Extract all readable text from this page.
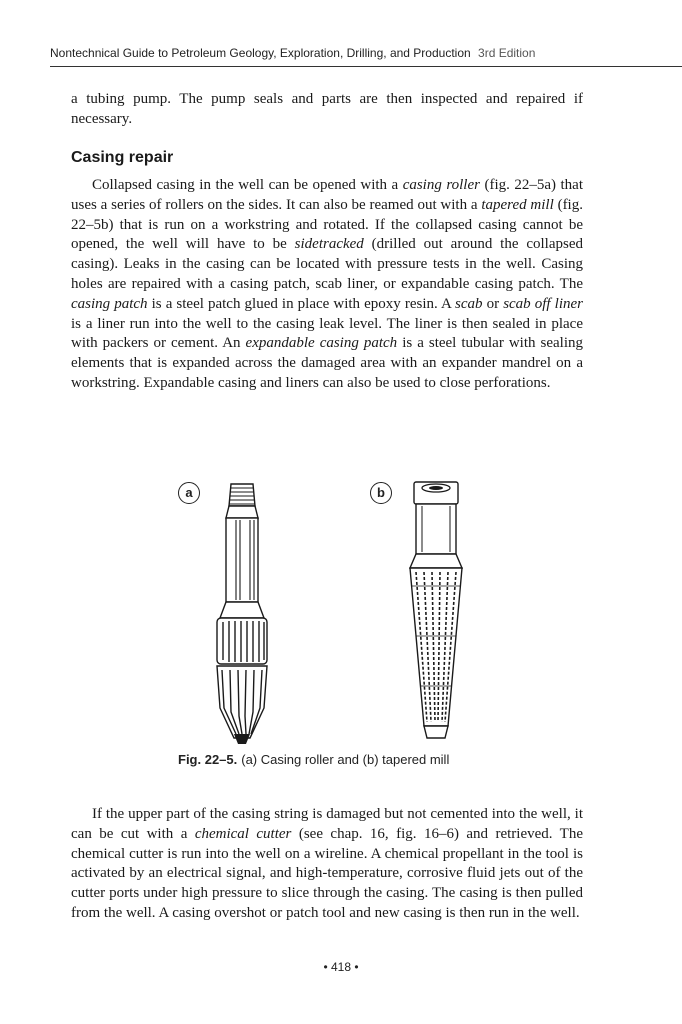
Nontechnical Guide to Petroleum Geology, Exploration, Drilling, and Production 3rd Edition
a tubing pump. The pump seals and parts are then inspected and repaired if necessary.
Casing repair
Collapsed casing in the well can be opened with a casing roller (fig. 22–5a) that uses a series of rollers on the sides. It can also be reamed out with a tapered mill (fig. 22–5b) that is run on a workstring and rotated. If the collapsed casing cannot be opened, the well will have to be sidetracked (drilled out around the collapsed casing). Leaks in the casing can be located with pressure tests in the well. Casing holes are repaired with a casing patch, scab liner, or expandable casing patch. The casing patch is a steel patch glued in place with epoxy resin. A scab or scab off liner is a liner run into the well to the casing leak level. The liner is then sealed in place with packers or cement. An expandable casing patch is a steel tubular with sealing elements that is expanded across the damaged area with an expander mandrel on a workstring. Expandable casing and liners can also be used to close perforations.
a	b
Fig. 22–5. (a) Casing roller and (b) tapered mill
If the upper part of the casing string is damaged but not cemented into the well, it can be cut with a chemical cutter (see chap. 16, fig. 16–6) and retrieved. The chemical cutter is run into the well on a wireline. A chemical propellant in the tool is activated by an electrical signal, and high-temperature, corrosive fluid jets out of the cutter ports under high pressure to slice through the casing. The casing is then pulled from the well. A casing overshot or patch tool and new casing is then run in the well.
• 418 •
